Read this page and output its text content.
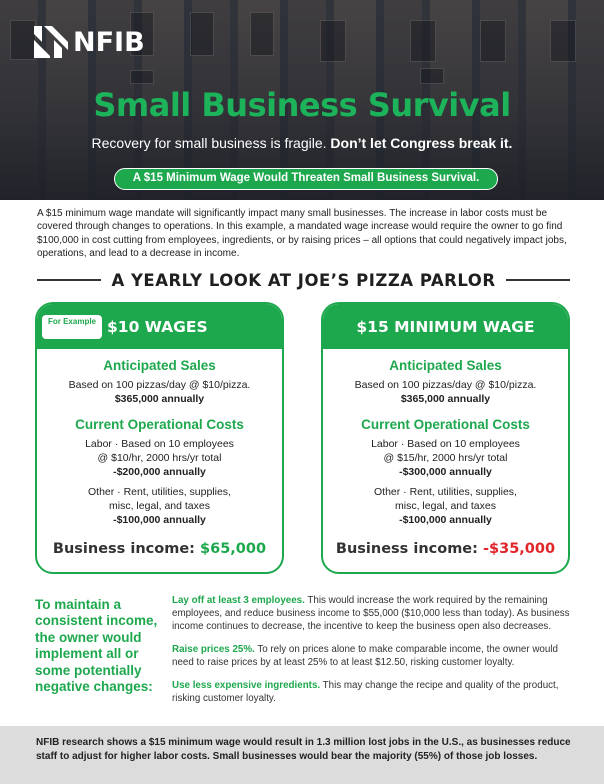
NFIB
Small Business Survival
Recovery for small business is fragile. Don’t let Congress break it.
A $15 Minimum Wage Would Threaten Small Business Survival.

A $15 minimum wage mandate will significantly impact many small businesses. The increase in labor costs must be covered through changes to operations. In this example, a mandated wage increase would require the owner to go find $100,000 in cost cutting from employees, ingredients, or by raising prices – all options that could negatively impact jobs, operations, and lead to a decrease in income.

A YEARLY LOOK AT JOE’S PIZZA PARLOR
For Example $10 WAGES
Anticipated Sales
Based on 100 pizzas/day @ $10/pizza.
$365,000 annually
Current Operational Costs
Labor · Based on 10 employees
@ $10/hr, 2000 hrs/yr total
-$200,000 annually
Other · Rent, utilities, supplies,
misc, legal, and taxes
-$100,000 annually
Business income: $65,000
$15 MINIMUM WAGE
Anticipated Sales
Based on 100 pizzas/day @ $10/pizza.
$365,000 annually
Current Operational Costs
Labor · Based on 10 employees
@ $15/hr, 2000 hrs/yr total
-$300,000 annually
Other · Rent, utilities, supplies,
misc, legal, and taxes
-$100,000 annually
Business income: -$35,000
To maintain a consistent income, the owner would implement all or some potentially negative changes:

Lay off at least 3 employees. This would increase the work required by the remaining employees, and reduce business income to $55,000 ($10,000 less than today). As business income continues to decrease, the incentive to keep the business open also decreases.

Raise prices 25%. To rely on prices alone to make comparable income, the owner would need to raise prices by at least 25% to at least $12.50, risking customer loyalty.

Use less expensive ingredients. This may change the recipe and quality of the product, risking customer loyalty.

NFIB research shows a $15 minimum wage would result in 1.3 million lost jobs in the U.S., as businesses reduce staff to adjust for higher labor costs. Small businesses would bear the majority (55%) of those job losses.
